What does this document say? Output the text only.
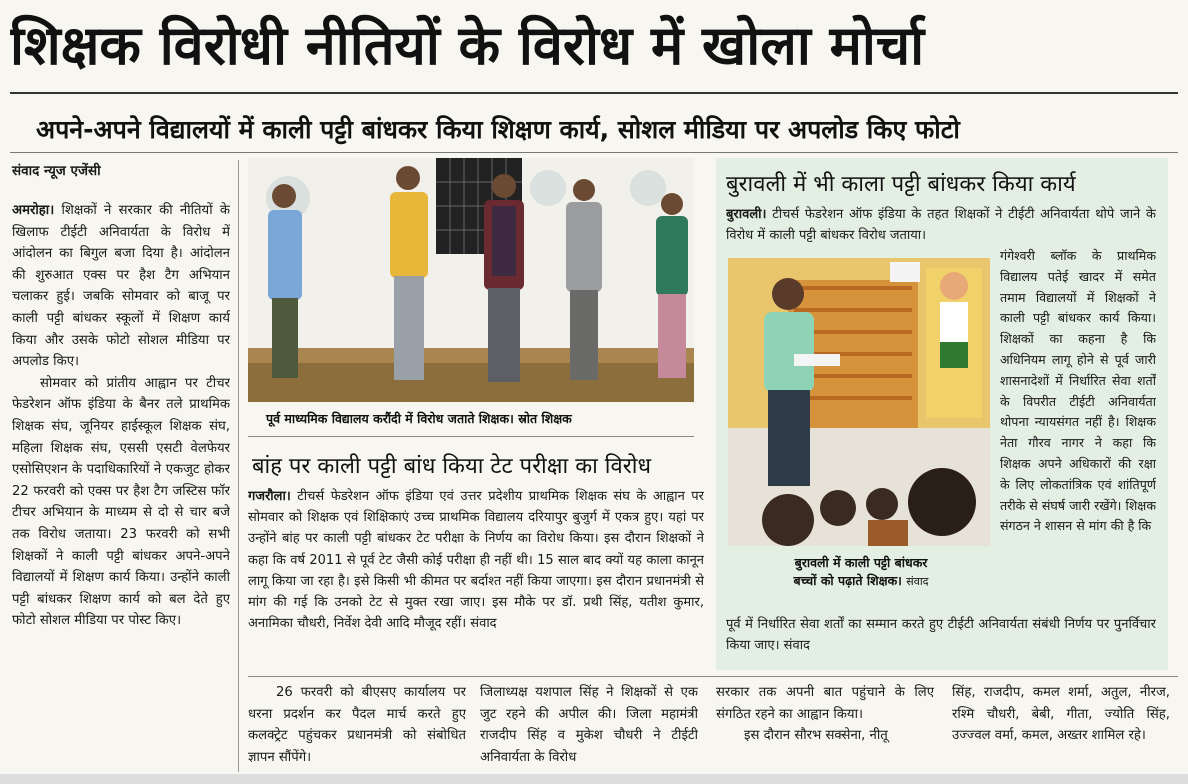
शिक्षक विरोधी नीतियों के विरोध में खोला मोर्चा
अपने-अपने विद्यालयों में काली पट्टी बांधकर किया शिक्षण कार्य, सोशल मीडिया पर अपलोड किए फोटो
संवाद न्यूज एजेंसी

अमरोहा। शिक्षकों ने सरकार की नीतियों के खिलाफ टीईटी अनिवार्यता के विरोध में आंदोलन का बिगुल बजा दिया है। आंदोलन की शुरुआत एक्स पर हैश टैग अभियान चलाकर हुई। जबकि सोमवार को बाजू पर काली पट्टी बांधकर स्कूलों में शिक्षण कार्य किया और उसके फोटो सोशल मीडिया पर अपलोड किए।

सोमवार को प्रांतीय आह्वान पर टीचर फेडरेशन ऑफ इंडिया के बैनर तले प्राथमिक शिक्षक संघ, जूनियर हाईस्कूल शिक्षक संघ, महिला शिक्षक संघ, एससी एसटी वेलफेयर एसोसिएशन के पदाधिकारियों ने एकजुट होकर 22 फरवरी को एक्स पर हैश टैग जस्टिस फॉर टीचर अभियान के माध्यम से दो से चार बजे तक विरोध जताया। 23 फरवरी को सभी शिक्षकों ने काली पट्टी बांधकर अपने-अपने विद्यालयों में शिक्षण कार्य किया। उन्होंने काली पट्टी बांधकर शिक्षण कार्य को बल देते हुए फोटो सोशल मीडिया पर पोस्ट किए।

पूर्व माध्यमिक विद्यालय करौंदी में विरोध जताते शिक्षक। स्रोत शिक्षक
बांह पर काली पट्टी बांध किया टेट परीक्षा का विरोध

गजरौला। टीचर्स फेडरेशन ऑफ इंडिया एवं उत्तर प्रदेशीय प्राथमिक शिक्षक संघ के आह्वान पर सोमवार को शिक्षक एवं शिक्षिकाएं उच्च प्राथमिक विद्यालय दरियापुर बुजुर्ग में एकत्र हुए। यहां पर उन्होंने बांह पर काली पट्टी बांधकर टेट परीक्षा के निर्णय का विरोध किया। इस दौरान शिक्षकों ने कहा कि वर्ष 2011 से पूर्व टेट जैसी कोई परीक्षा ही नहीं थी। 15 साल बाद क्यों यह काला कानून लागू किया जा रहा है। इसे किसी भी कीमत पर बर्दाश्त नहीं किया जाएगा। इस दौरान प्रधानमंत्री से मांग की गई कि उनको टेट से मुक्त रखा जाए। इस मौके पर डॉ. प्रथी सिंह, यतीश कुमार, अनामिका चौधरी, निर्वेश देवी आदि मौजूद रहीं। संवाद

बुरावली में भी काला पट्टी बांधकर किया कार्य

बुरावली। टीचर्स फेडरेशन ऑफ इंडिया के तहत शिक्षकों ने टीईटी अनिवार्यता थोपे जाने के विरोध में काली पट्टी बांधकर विरोध जताया।

बुरावली में काली पट्टी बांधकर
बच्चों को पढ़ाते शिक्षक। संवाद
गंगेश्वरी ब्लॉक के प्राथमिक विद्यालय पतेई खादर में समेत तमाम विद्यालयों में शिक्षकों ने काली पट्टी बांधकर कार्य किया। शिक्षकों का कहना है कि अधिनियम लागू होने से पूर्व जारी शासनादेशों में निर्धारित सेवा शर्तों के विपरीत टीईटी अनिवार्यता थोपना न्यायसंगत नहीं है। शिक्षक नेता गौरव नागर ने कहा कि शिक्षक अपने अधिकारों की रक्षा के लिए लोकतांत्रिक एवं शांतिपूर्ण तरीके से संघर्ष जारी रखेंगे। शिक्षक संगठन ने शासन से मांग की है कि

पूर्व में निर्धारित सेवा शर्तों का सम्मान करते हुए टीईटी अनिवार्यता संबंधी निर्णय पर पुनर्विचार किया जाए। संवाद

26 फरवरी को बीएसए कार्यालय पर धरना प्रदर्शन कर पैदल मार्च करते हुए कलक्ट्रेट पहुंचकर प्रधानमंत्री को संबोधित ज्ञापन सौंपेंगे।

जिलाध्यक्ष यशपाल सिंह ने शिक्षकों से एक जुट रहने की अपील की। जिला महामंत्री राजदीप सिंह व मुकेश चौधरी ने टीईटी अनिवार्यता के विरोध

सरकार तक अपनी बात पहुंचाने के लिए संगठित रहने का आह्वान किया।

इस दौरान सौरभ सक्सेना, नीतू

सिंह, राजदीप, कमल शर्मा, अतुल, नीरज, रश्मि चौधरी, बेबी, गीता, ज्योति सिंह, उज्ज्वल वर्मा, कमल, अख्तर शामिल रहे।
